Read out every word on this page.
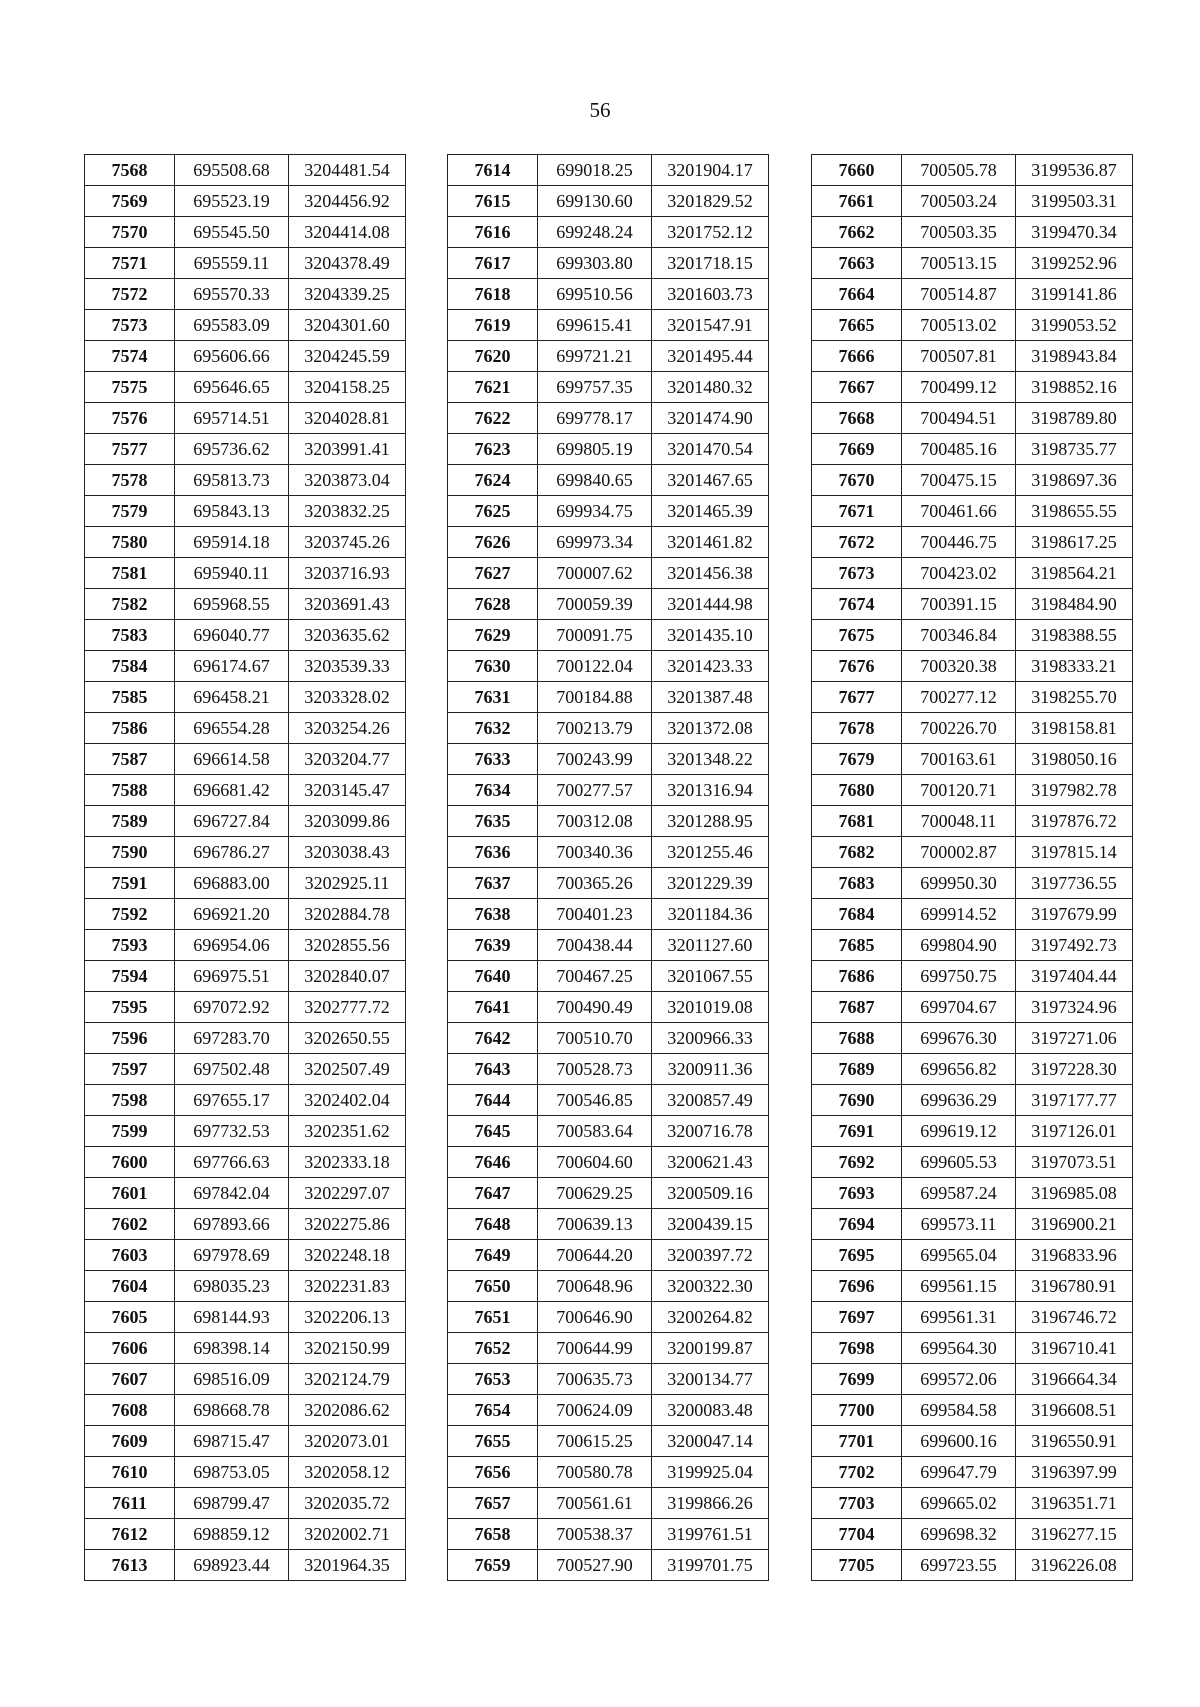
56
7568	695508.68	3204481.54
7569	695523.19	3204456.92
7570	695545.50	3204414.08
7571	695559.11	3204378.49
7572	695570.33	3204339.25
7573	695583.09	3204301.60
7574	695606.66	3204245.59
7575	695646.65	3204158.25
7576	695714.51	3204028.81
7577	695736.62	3203991.41
7578	695813.73	3203873.04
7579	695843.13	3203832.25
7580	695914.18	3203745.26
7581	695940.11	3203716.93
7582	695968.55	3203691.43
7583	696040.77	3203635.62
7584	696174.67	3203539.33
7585	696458.21	3203328.02
7586	696554.28	3203254.26
7587	696614.58	3203204.77
7588	696681.42	3203145.47
7589	696727.84	3203099.86
7590	696786.27	3203038.43
7591	696883.00	3202925.11
7592	696921.20	3202884.78
7593	696954.06	3202855.56
7594	696975.51	3202840.07
7595	697072.92	3202777.72
7596	697283.70	3202650.55
7597	697502.48	3202507.49
7598	697655.17	3202402.04
7599	697732.53	3202351.62
7600	697766.63	3202333.18
7601	697842.04	3202297.07
7602	697893.66	3202275.86
7603	697978.69	3202248.18
7604	698035.23	3202231.83
7605	698144.93	3202206.13
7606	698398.14	3202150.99
7607	698516.09	3202124.79
7608	698668.78	3202086.62
7609	698715.47	3202073.01
7610	698753.05	3202058.12
7611	698799.47	3202035.72
7612	698859.12	3202002.71
7613	698923.44	3201964.35
7614	699018.25	3201904.17
7615	699130.60	3201829.52
7616	699248.24	3201752.12
7617	699303.80	3201718.15
7618	699510.56	3201603.73
7619	699615.41	3201547.91
7620	699721.21	3201495.44
7621	699757.35	3201480.32
7622	699778.17	3201474.90
7623	699805.19	3201470.54
7624	699840.65	3201467.65
7625	699934.75	3201465.39
7626	699973.34	3201461.82
7627	700007.62	3201456.38
7628	700059.39	3201444.98
7629	700091.75	3201435.10
7630	700122.04	3201423.33
7631	700184.88	3201387.48
7632	700213.79	3201372.08
7633	700243.99	3201348.22
7634	700277.57	3201316.94
7635	700312.08	3201288.95
7636	700340.36	3201255.46
7637	700365.26	3201229.39
7638	700401.23	3201184.36
7639	700438.44	3201127.60
7640	700467.25	3201067.55
7641	700490.49	3201019.08
7642	700510.70	3200966.33
7643	700528.73	3200911.36
7644	700546.85	3200857.49
7645	700583.64	3200716.78
7646	700604.60	3200621.43
7647	700629.25	3200509.16
7648	700639.13	3200439.15
7649	700644.20	3200397.72
7650	700648.96	3200322.30
7651	700646.90	3200264.82
7652	700644.99	3200199.87
7653	700635.73	3200134.77
7654	700624.09	3200083.48
7655	700615.25	3200047.14
7656	700580.78	3199925.04
7657	700561.61	3199866.26
7658	700538.37	3199761.51
7659	700527.90	3199701.75
7660	700505.78	3199536.87
7661	700503.24	3199503.31
7662	700503.35	3199470.34
7663	700513.15	3199252.96
7664	700514.87	3199141.86
7665	700513.02	3199053.52
7666	700507.81	3198943.84
7667	700499.12	3198852.16
7668	700494.51	3198789.80
7669	700485.16	3198735.77
7670	700475.15	3198697.36
7671	700461.66	3198655.55
7672	700446.75	3198617.25
7673	700423.02	3198564.21
7674	700391.15	3198484.90
7675	700346.84	3198388.55
7676	700320.38	3198333.21
7677	700277.12	3198255.70
7678	700226.70	3198158.81
7679	700163.61	3198050.16
7680	700120.71	3197982.78
7681	700048.11	3197876.72
7682	700002.87	3197815.14
7683	699950.30	3197736.55
7684	699914.52	3197679.99
7685	699804.90	3197492.73
7686	699750.75	3197404.44
7687	699704.67	3197324.96
7688	699676.30	3197271.06
7689	699656.82	3197228.30
7690	699636.29	3197177.77
7691	699619.12	3197126.01
7692	699605.53	3197073.51
7693	699587.24	3196985.08
7694	699573.11	3196900.21
7695	699565.04	3196833.96
7696	699561.15	3196780.91
7697	699561.31	3196746.72
7698	699564.30	3196710.41
7699	699572.06	3196664.34
7700	699584.58	3196608.51
7701	699600.16	3196550.91
7702	699647.79	3196397.99
7703	699665.02	3196351.71
7704	699698.32	3196277.15
7705	699723.55	3196226.08
